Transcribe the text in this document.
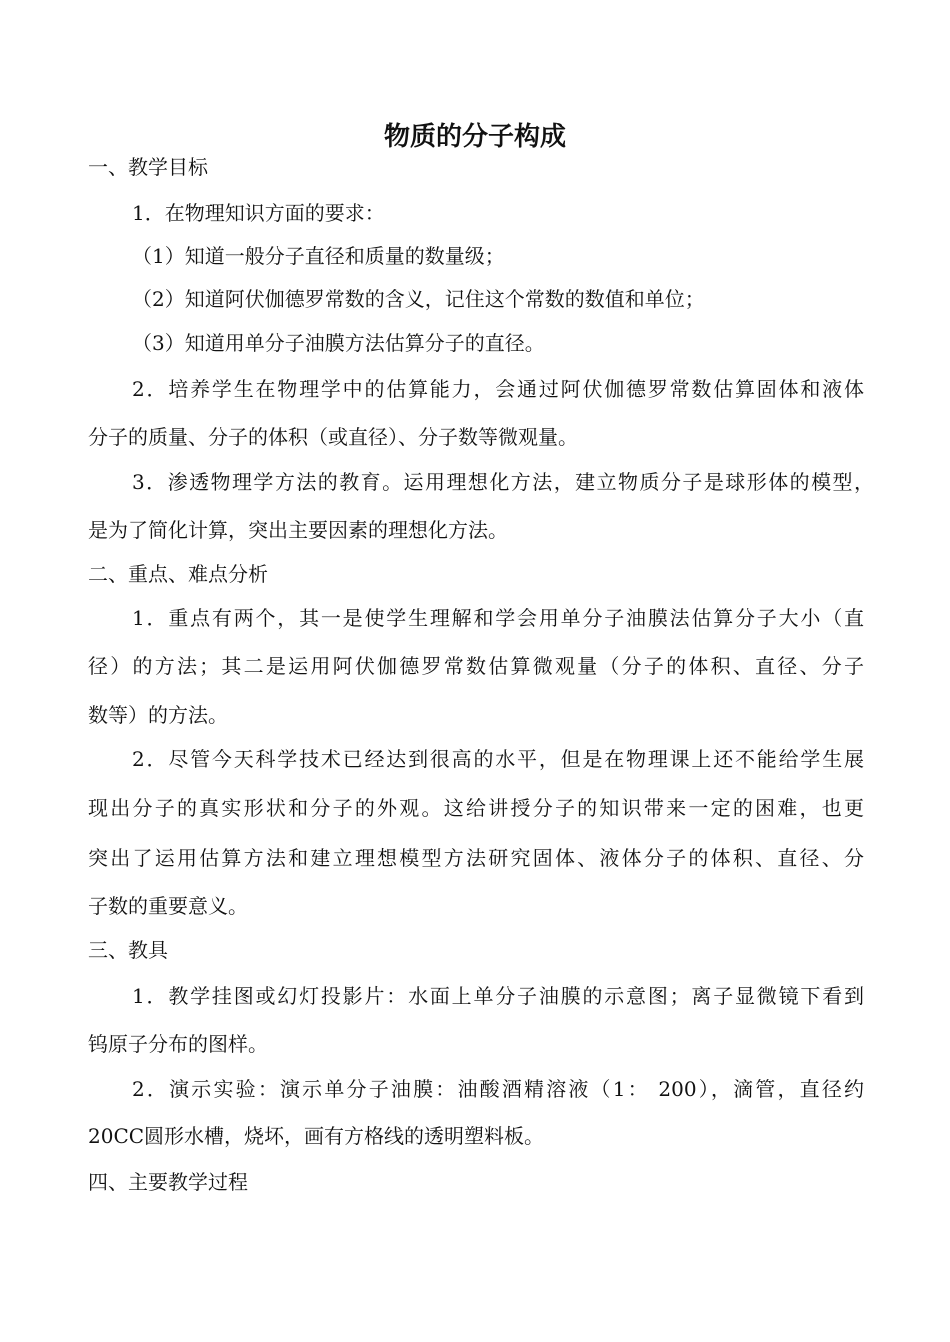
物质的分子构成
一、教学目标
1．在物理知识方面的要求：
（1）知道一般分子直径和质量的数量级；
（2）知道阿伏伽德罗常数的含义，记住这个常数的数值和单位；
（3）知道用单分子油膜方法估算分子的直径。
2．培养学生在物理学中的估算能力，会通过阿伏伽德罗常数估算固体和液体
分子的质量、分子的体积（或直径）、分子数等微观量。
3．渗透物理学方法的教育。运用理想化方法，建立物质分子是球形体的模型，
是为了简化计算，突出主要因素的理想化方法。
二、重点、难点分析
1．重点有两个，其一是使学生理解和学会用单分子油膜法估算分子大小（直
径）的方法；其二是运用阿伏伽德罗常数估算微观量（分子的体积、直径、分子
数等）的方法。
2．尽管今天科学技术已经达到很高的水平，但是在物理课上还不能给学生展
现出分子的真实形状和分子的外观。这给讲授分子的知识带来一定的困难，也更
突出了运用估算方法和建立理想模型方法研究固体、液体分子的体积、直径、分
子数的重要意义。
三、教具
1．教学挂图或幻灯投影片：水面上单分子油膜的示意图；离子显微镜下看到
钨原子分布的图样。
2．演示实验：演示单分子油膜：油酸酒精溶液（1： 200），滴管，直径约
20CC圆形水槽，烧坏，画有方格线的透明塑料板。
四、主要教学过程
